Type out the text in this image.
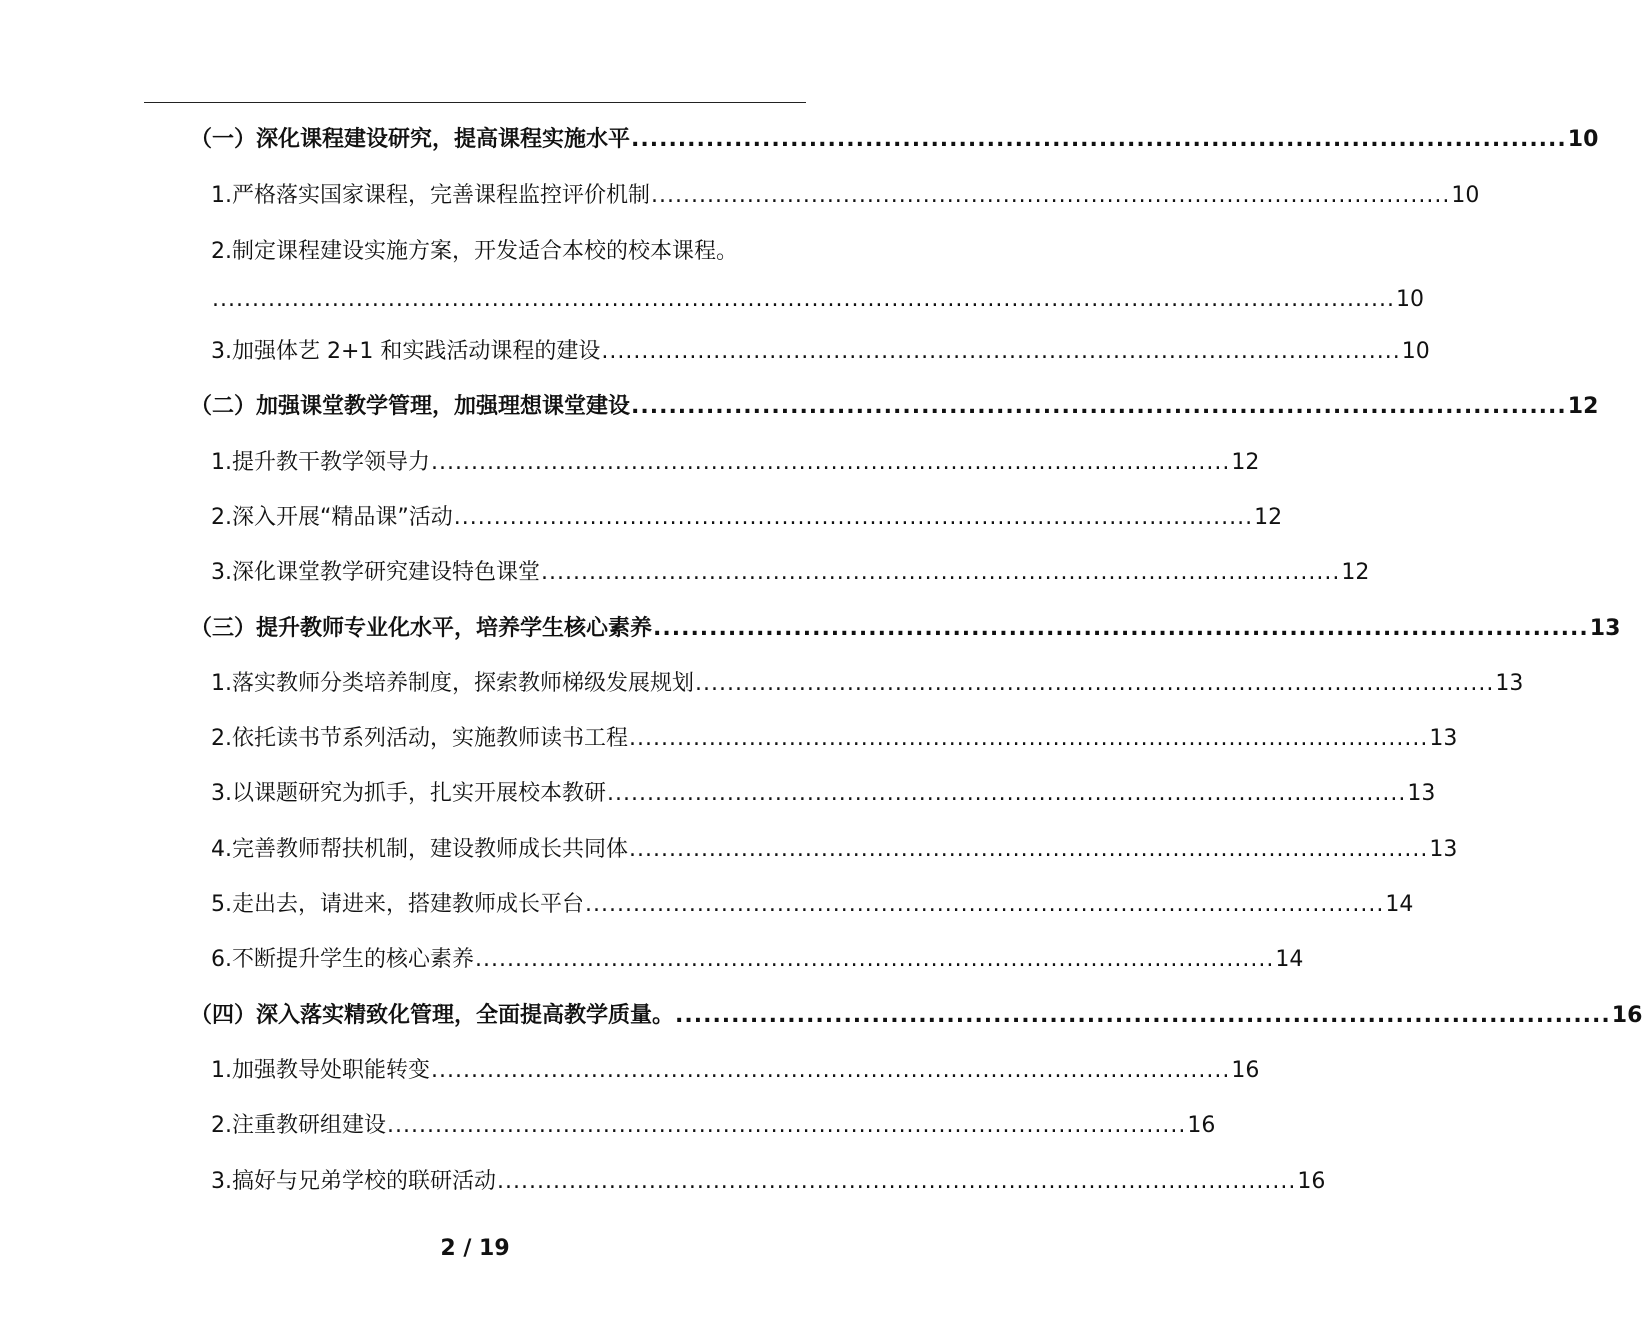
（一）深化课程建设研究，提高课程实施水平 .................................................................................................... 10
1.严格落实国家课程，完善课程监控评价机制 .................................................................................................... 10
2.制定课程建设实施方案，开发适合本校的校本课程。
.................................................................................................................................................... 10
3.加强体艺 2+1 和实践活动课程的建设 .................................................................................................... 10
（二）加强课堂教学管理，加强理想课堂建设 .................................................................................................... 12
1.提升教干教学领导力 .................................................................................................... 12
2.深入开展“精品课”活动 .................................................................................................... 12
3.深化课堂教学研究建设特色课堂 .................................................................................................... 12
（三）提升教师专业化水平，培养学生核心素养 .................................................................................................... 13
1.落实教师分类培养制度，探索教师梯级发展规划 .................................................................................................... 13
2.依托读书节系列活动，实施教师读书工程 .................................................................................................... 13
3.以课题研究为抓手，扎实开展校本教研 .................................................................................................... 13
4.完善教师帮扶机制，建设教师成长共同体 .................................................................................................... 13
5.走出去，请进来，搭建教师成长平台 .................................................................................................... 14
6.不断提升学生的核心素养 .................................................................................................... 14
（四）深入落实精致化管理，全面提高教学质量。 .................................................................................................... 16
1.加强教导处职能转变 .................................................................................................... 16
2.注重教研组建设 .................................................................................................... 16
3.搞好与兄弟学校的联研活动 .................................................................................................... 16
2 / 19
